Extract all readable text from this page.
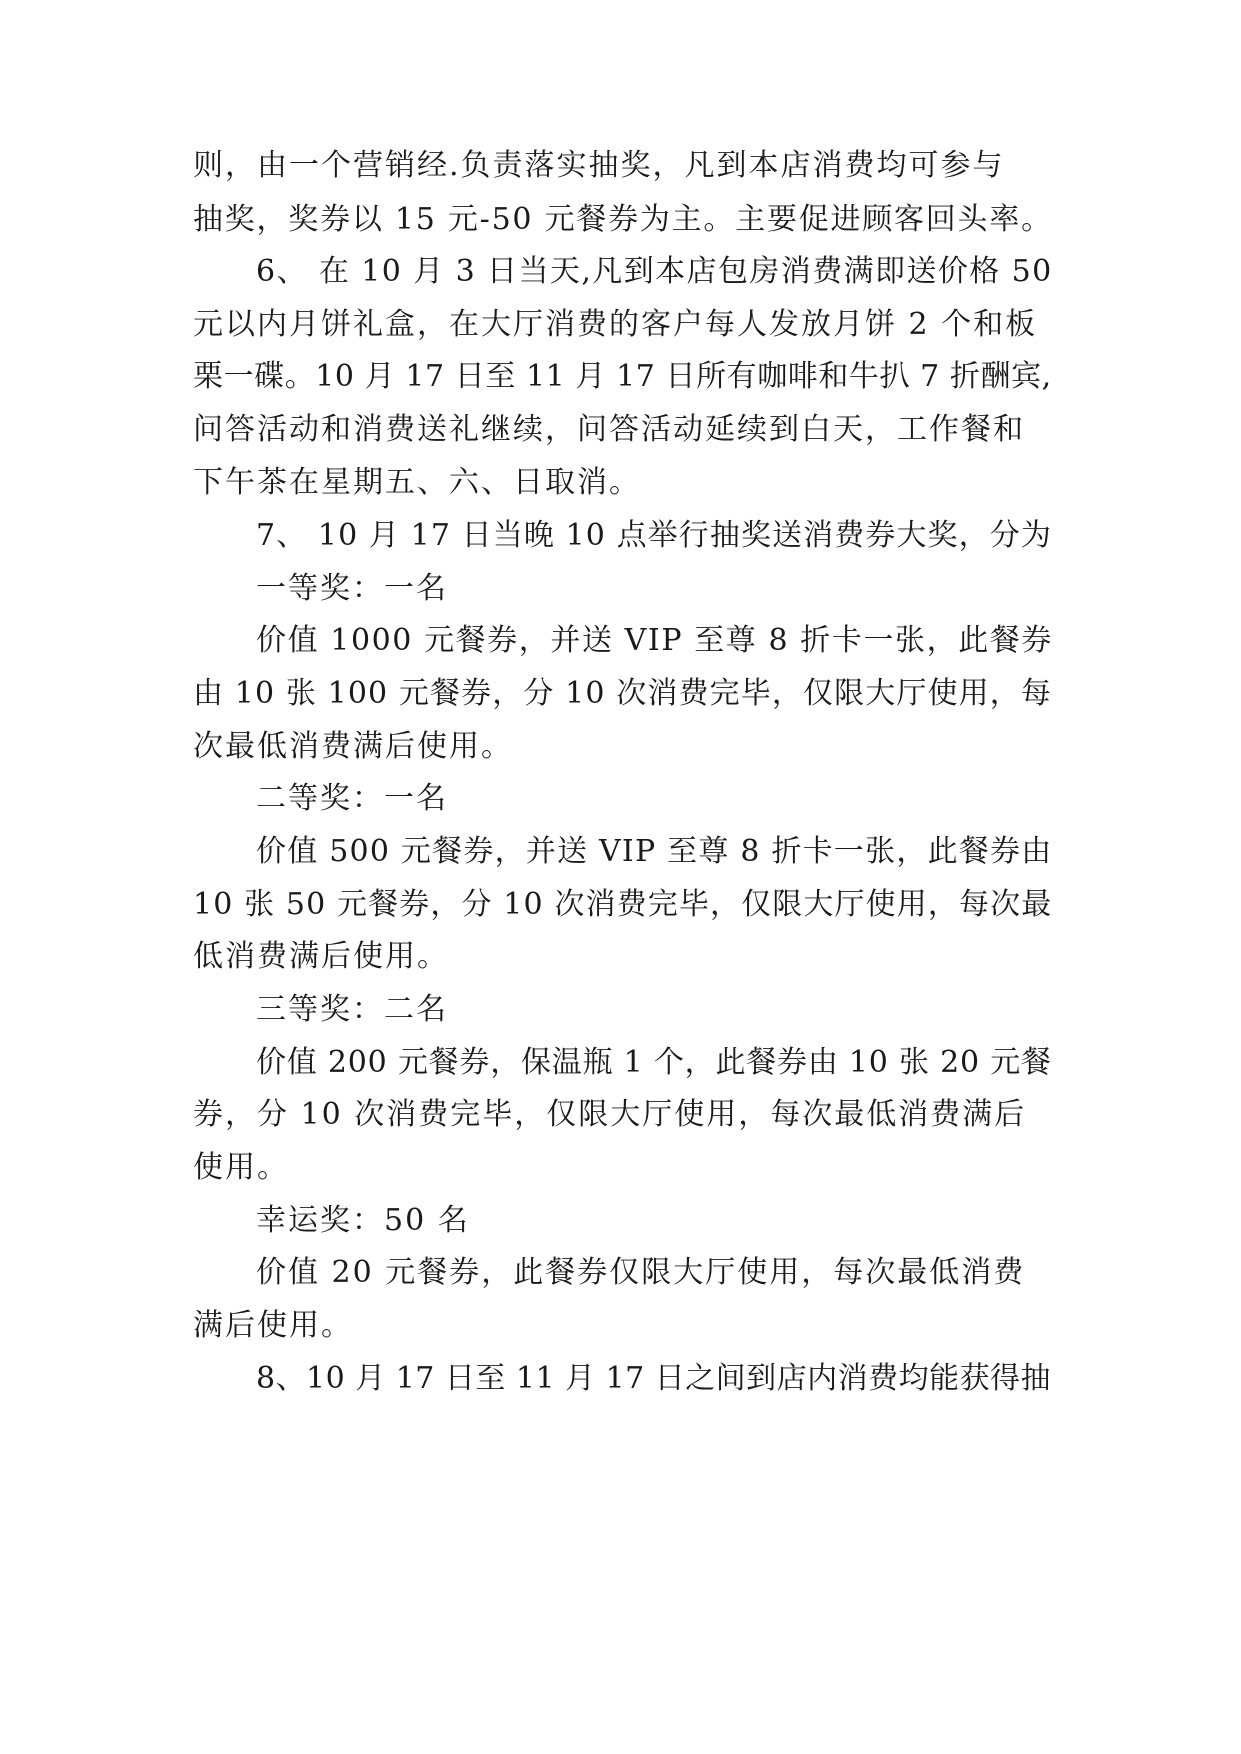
则，由一个营销经.负责落实抽奖，凡到本店消费均可参与
抽奖，奖券以 15 元-50 元餐券为主。主要促进顾客回头率。
6、 在 10 月 3 日当天,凡到本店包房消费满即送价格 50
元以内月饼礼盒，在大厅消费的客户每人发放月饼 2 个和板
栗一碟。10 月 17 日至 11 月 17 日所有咖啡和牛扒 7 折酬宾,
问答活动和消费送礼继续，问答活动延续到白天，工作餐和
下午茶在星期五、六、日取消。
7、 10 月 17 日当晚 10 点举行抽奖送消费券大奖，分为
一等奖：一名
价值 1000 元餐券，并送 VIP 至尊 8 折卡一张，此餐券
由 10 张 100 元餐券，分 10 次消费完毕，仅限大厅使用，每
次最低消费满后使用。
二等奖：一名
价值 500 元餐券，并送 VIP 至尊 8 折卡一张，此餐券由
10 张 50 元餐券，分 10 次消费完毕，仅限大厅使用，每次最
低消费满后使用。
三等奖：二名
价值 200 元餐券，保温瓶 1 个，此餐券由 10 张 20 元餐
券，分 10 次消费完毕，仅限大厅使用，每次最低消费满后
使用。
幸运奖：50 名
价值 20 元餐券，此餐券仅限大厅使用，每次最低消费
满后使用。
8、10 月 17 日至 11 月 17 日之间到店内消费均能获得抽
